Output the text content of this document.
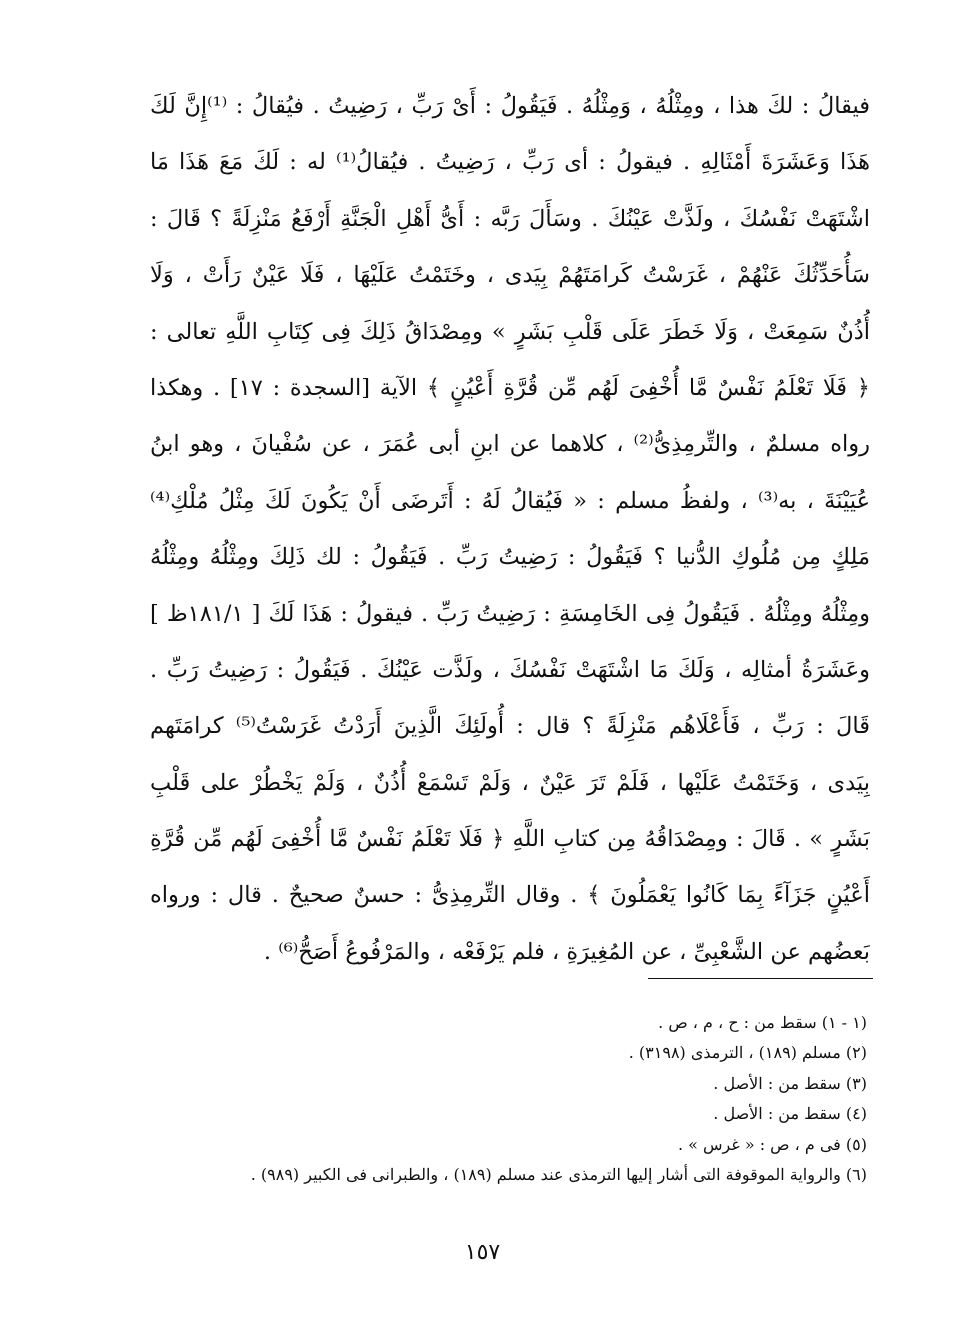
فيقالُ : لكَ هذا ، ومِثْلُهُ ، وَمِثْلُهُ . فَيَقُولُ : أَىْ رَبِّ ، رَضِيتُ . فيُقالُ : ⁽¹⁾إِنَّ لَكَ
هَذَا وَعَشَرَةَ أَمْثَالِهِ . فيقولُ : أى رَبِّ ، رَضِيتُ . فيُقالُ⁽¹⁾ له : لَكَ مَعَ هَذَا مَا
اشْتَهَتْ نَفْسُكَ ، ولَذَّتْ عَيْنُكَ . وسَأَلَ رَبَّه : أَىُّ أَهْلِ الْجَنَّةِ أَرْفَعُ مَنْزِلَةً ؟ قَالَ :
سَأُحَدِّثُكَ عَنْهُمْ ، غَرَسْتُ كَرامَتَهُمْ بِيَدى ، وخَتَمْتُ عَلَيْهَا ، فَلَا عَيْنٌ رَأَتْ ، وَلَا
أُذُنٌ سَمِعَتْ ، وَلَا خَطَرَ عَلَى قَلْبِ بَشَرٍ » ومِصْدَاقُ ذَلِكَ فِى كِتَابِ اللَّهِ تعالى :
﴿ فَلَا تَعْلَمُ نَفْسٌ مَّا أُخْفِىَ لَهُم مِّن قُرَّةِ أَعْيُنٍ ﴾ الآية [السجدة : ١٧] . وهكذا
رواه مسلمٌ ، والتِّرمِذِىُّ⁽²⁾ ، كلاهما عن ابنِ أبى عُمَرَ ، عن سُفْيانَ ، وهو ابنُ
عُيَيْنَةَ ، به⁽³⁾ ، ولفظُ مسلم : « فَيُقالُ لَهُ : أَتَرضَى أَنْ يَكُونَ لَكَ مِثْلُ مُلْكِ⁽⁴⁾
مَلِكٍ مِن مُلُوكِ الدُّنيا ؟ فَيَقُولُ : رَضِيتُ رَبِّ . فَيَقُولُ : لك ذَلِكَ ومِثْلُهُ ومِثْلُهُ
ومِثْلُهُ ومِثْلُهُ . فَيَقُولُ فِى الخَامِسَةِ : رَضِيتُ رَبِّ . فيقولُ : هَذَا لَكَ [ ١٨١/١ظ ]
وعَشَرَةُ أمثالِه ، وَلَكَ مَا اشْتَهَتْ نَفْسُكَ ، ولَذَّت عَيْنُكَ . فَيَقُولُ : رَضِيتُ رَبِّ .
قَالَ : رَبِّ ، فَأَعْلَاهُم مَنْزِلَةً ؟ قال : أُولَئِكَ الَّذِينَ أَرَدْتُ غَرَسْتُ⁽⁵⁾ كرامَتَهم
بِيَدى ، وَخَتَمْتُ عَلَيْها ، فَلَمْ تَرَ عَيْنٌ ، وَلَمْ تَسْمَعْ أُذُنٌ ، وَلَمْ يَخْطُرْ على قَلْبِ
بَشَرٍ » . قَالَ : ومِصْدَاقُهُ مِن كتابِ اللَّهِ ﴿ فَلَا تَعْلَمُ نَفْسٌ مَّا أُخْفِىَ لَهُم مِّن قُرَّةِ
أَعْيُنٍ جَزَآءً بِمَا كَانُوا يَعْمَلُونَ ﴾ . وقال التِّرمِذِىُّ : حسنٌ صحيحٌ . قال : ورواه
بَعضُهم عن الشَّعْبِىِّ ، عن المُغِيرَةِ ، فلم يَرْفَعْه ، والمَرْفُوعُ أَصَحُّ⁽⁶⁾ .
(١ - ١) سقط من : ح ، م ، ص .
(٢) مسلم (١٨٩) ، الترمذى (٣١٩٨) .
(٣) سقط من : الأصل .
(٤) سقط من : الأصل .
(٥) فى م ، ص : « غرس » .
(٦) والرواية الموقوفة التى أشار إليها الترمذى عند مسلم (١٨٩) ، والطبرانى فى الكبير (٩٨٩) .
١٥٧
